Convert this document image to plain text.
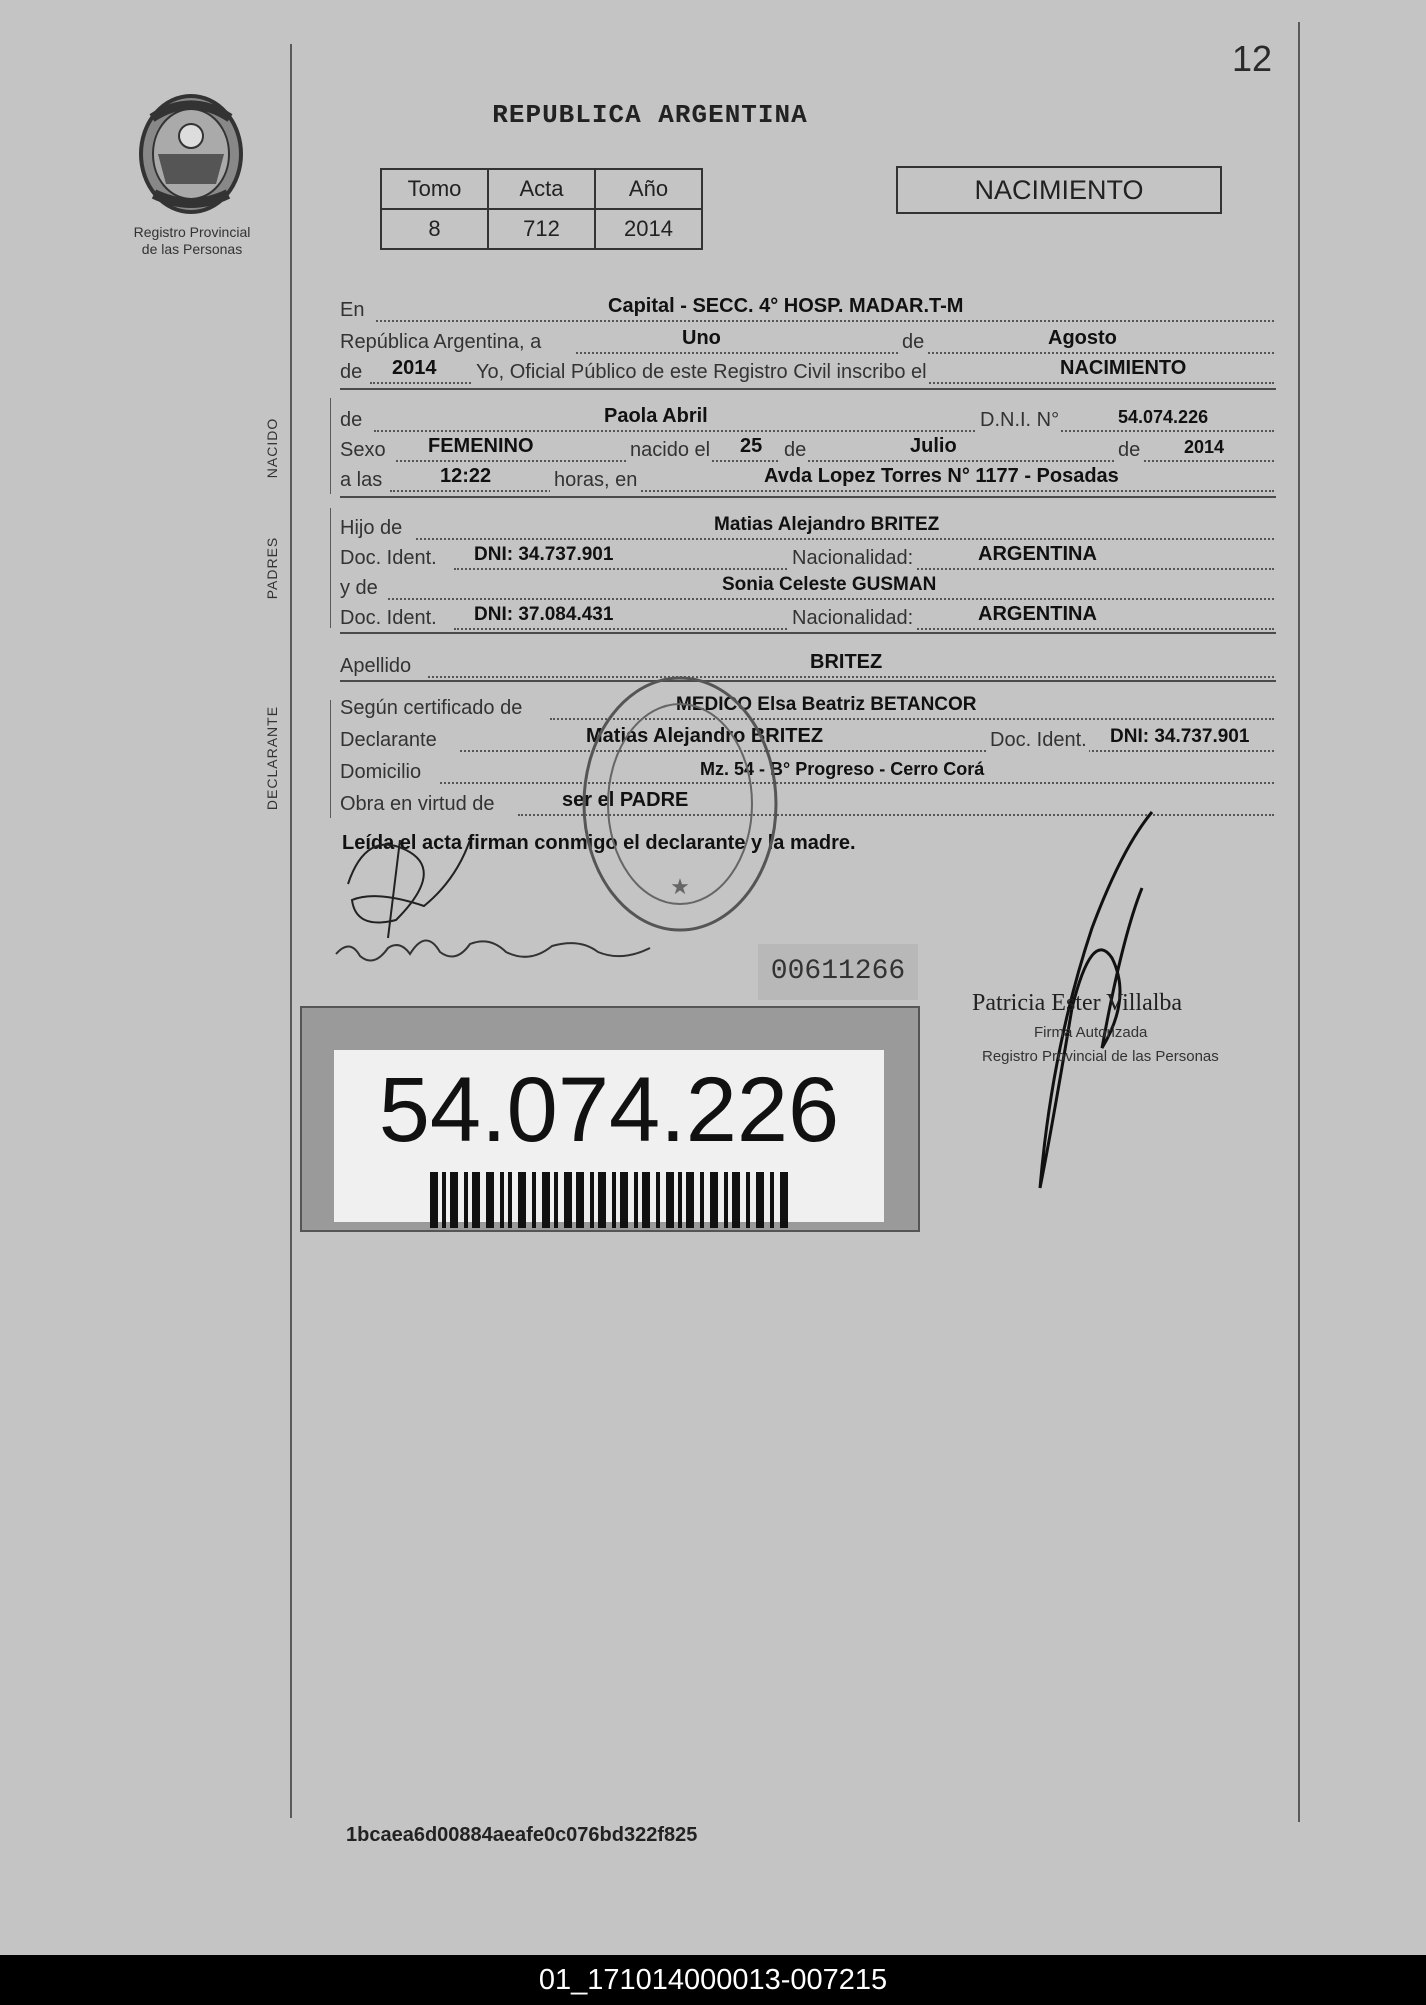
12
Registro Provincial
de las Personas
REPUBLICA ARGENTINA
Tomo	Acta	Año
8	712	2014
NACIMIENTO
En	Capital - SECC. 4° HOSP. MADAR.T-M
República Argentina, a	Uno	de	Agosto
de 2014 Yo, Oficial Público de este Registro Civil inscribo el	NACIMIENTO
NACIDO	de	Paola Abril	D.N.I. N°	54.074.226
Sexo FEMENINO	nacido el 25 de	Julio	de 2014
a las	12:22	horas, en	Avda Lopez Torres N° 1177 - Posadas
PADRES
Hijo de	Matias Alejandro BRITEZ
Doc. Ident. DNI: 34.737.901	Nacionalidad:	ARGENTINA
y de	Sonia Celeste GUSMAN
Doc. Ident. DNI: 37.084.431	Nacionalidad:	ARGENTINA
Apellido	BRITEZ
DECLARANTE	Según certificado de	MEDICO Elsa Beatriz BETANCOR
Declarante	Matias Alejandro BRITEZ	Doc. Ident. DNI: 34.737.901
Domicilio	Mz. 54 - B° Progreso - Cerro Corá
Obra en virtud de	ser el PADRE
Leída el acta firman conmigo el declarante y la madre.
★
00611266
54.074.226
Patricia Ester Villalba
Firma Autorizada
Registro Provincial de las Personas
1bcaea6d00884aeafe0c076bd322f825
01_171014000013-007215
